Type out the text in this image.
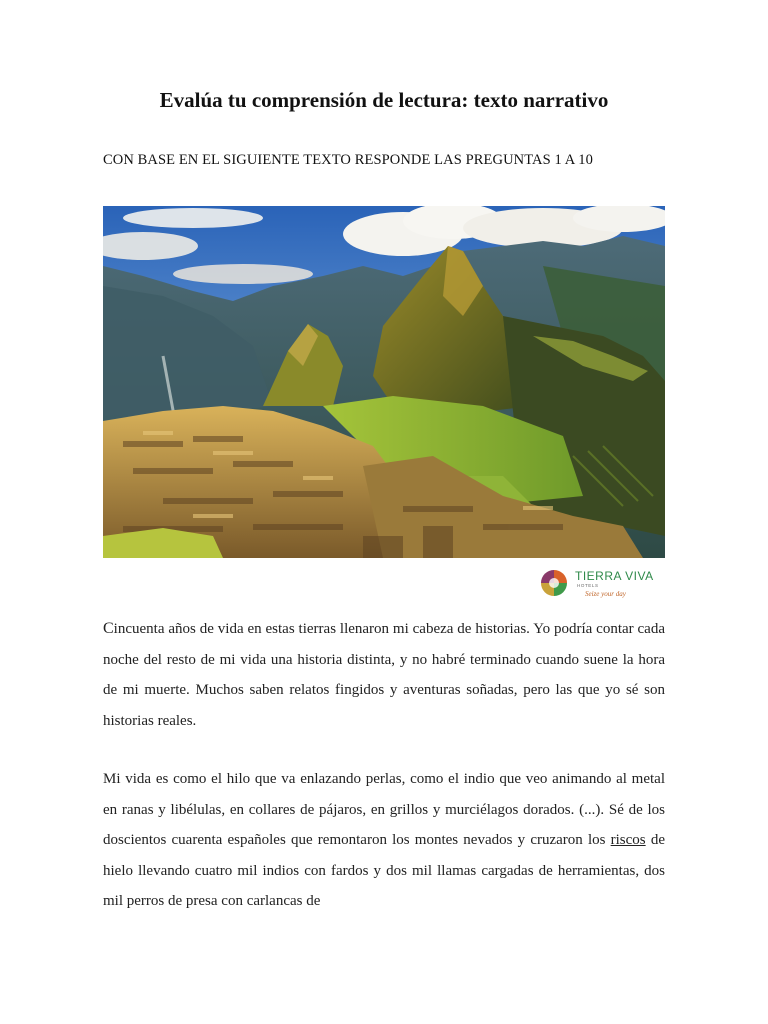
Evalúa tu comprensión de lectura: texto narrativo
CON BASE EN EL SIGUIENTE TEXTO RESPONDE LAS PREGUNTAS 1 A 10
TIERRA VIVA
HOTELS
Seize your day

Cincuenta años de vida en estas tierras llenaron mi cabeza de historias. Yo podría contar cada noche del resto de mi vida una historia distinta, y no habré terminado cuando suene la hora de mi muerte. Muchos saben relatos fingidos y aventuras soñadas, pero las que yo sé son historias reales.

Mi vida es como el hilo que va enlazando perlas, como el indio que veo animando al metal en ranas y libélulas, en collares de pájaros, en grillos y murciélagos dorados. (...). Sé de los doscientos cuarenta españoles que remontaron los montes nevados y cruzaron los riscos de hielo llevando cuatro mil indios con fardos y dos mil llamas cargadas de herramientas, dos mil perros de presa con carlancas de
